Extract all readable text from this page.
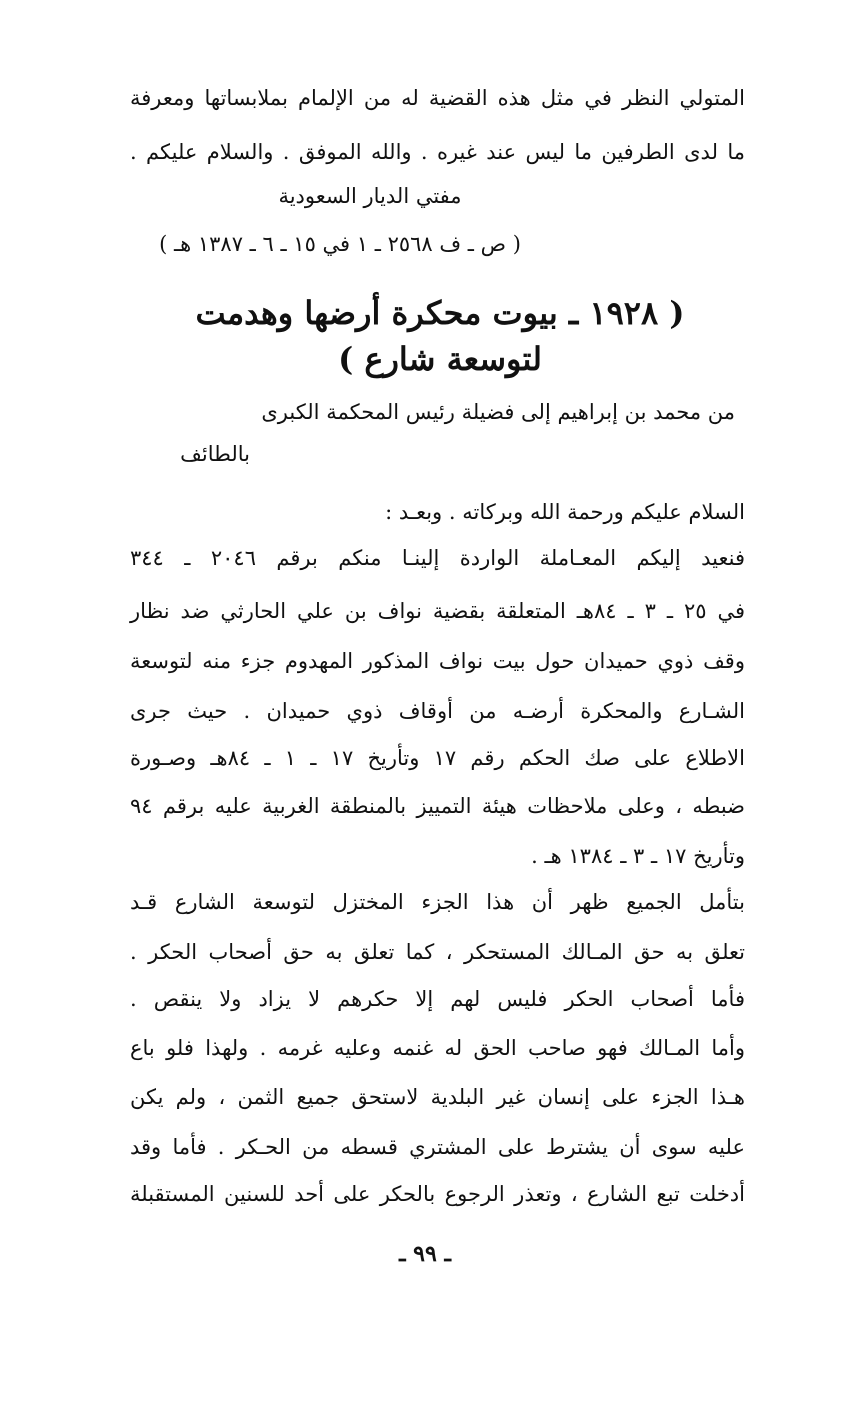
المتولي النظر في مثل هذه القضية له من الإلمام بملابساتها ومعرفة
ما لدى الطرفين ما ليس عند غيره . والله الموفق . والسلام عليكم .
مفتي الديار السعودية
( ص ـ ف ٢٥٦٨ ـ ١ في ١٥ ـ ٦ ـ ١٣٨٧ هـ )
( ١٩٢٨ ـ بيوت محكرة أرضها وهدمت
لتوسعة شارع )
من محمد بن إبراهيم إلى فضيلة رئيس المحكمة الكبرى
بالطائف
السلام عليكم ورحمة الله وبركاته . وبعـد :
فنعيد إليكم المعـاملة الواردة إلينـا منكم برقم ٢٠٤٦ ـ ٣٤٤
في ٢٥ ـ ٣ ـ ٨٤هـ المتعلقة بقضية نواف بن علي الحارثي ضد نظار
وقف ذوي حميدان حول بيت نواف المذكور المهدوم جزء منه لتوسعة
الشـارع والمحكرة أرضـه من أوقاف ذوي حميدان . حيث جرى
الاطلاع على صك الحكم رقم ١٧ وتأريخ ١٧ ـ ١ ـ ٨٤هـ وصـورة
ضبطه ، وعلى ملاحظات هيئة التمييز بالمنطقة الغربية عليه برقم ٩٤
وتأريخ ١٧ ـ ٣ ـ ١٣٨٤ هـ .
بتأمل الجميع ظهر أن هذا الجزء المختزل لتوسعة الشارع قـد
تعلق به حق المـالك المستحكر ، كما تعلق به حق أصحاب الحكر .
فأما أصحاب الحكر فليس لهم إلا حكرهم لا يزاد ولا ينقص .
وأما المـالك فهو صاحب الحق له غنمه وعليه غرمه . ولهذا فلو باع
هـذا الجزء على إنسان غير البلدية لاستحق جميع الثمن ، ولم يكن
عليه سوى أن يشترط على المشتري قسطه من الحـكر . فأما وقد
أدخلت تبع الشارع ، وتعذر الرجوع بالحكر على أحد للسنين المستقبلة
ـ ٩٩ ـ
